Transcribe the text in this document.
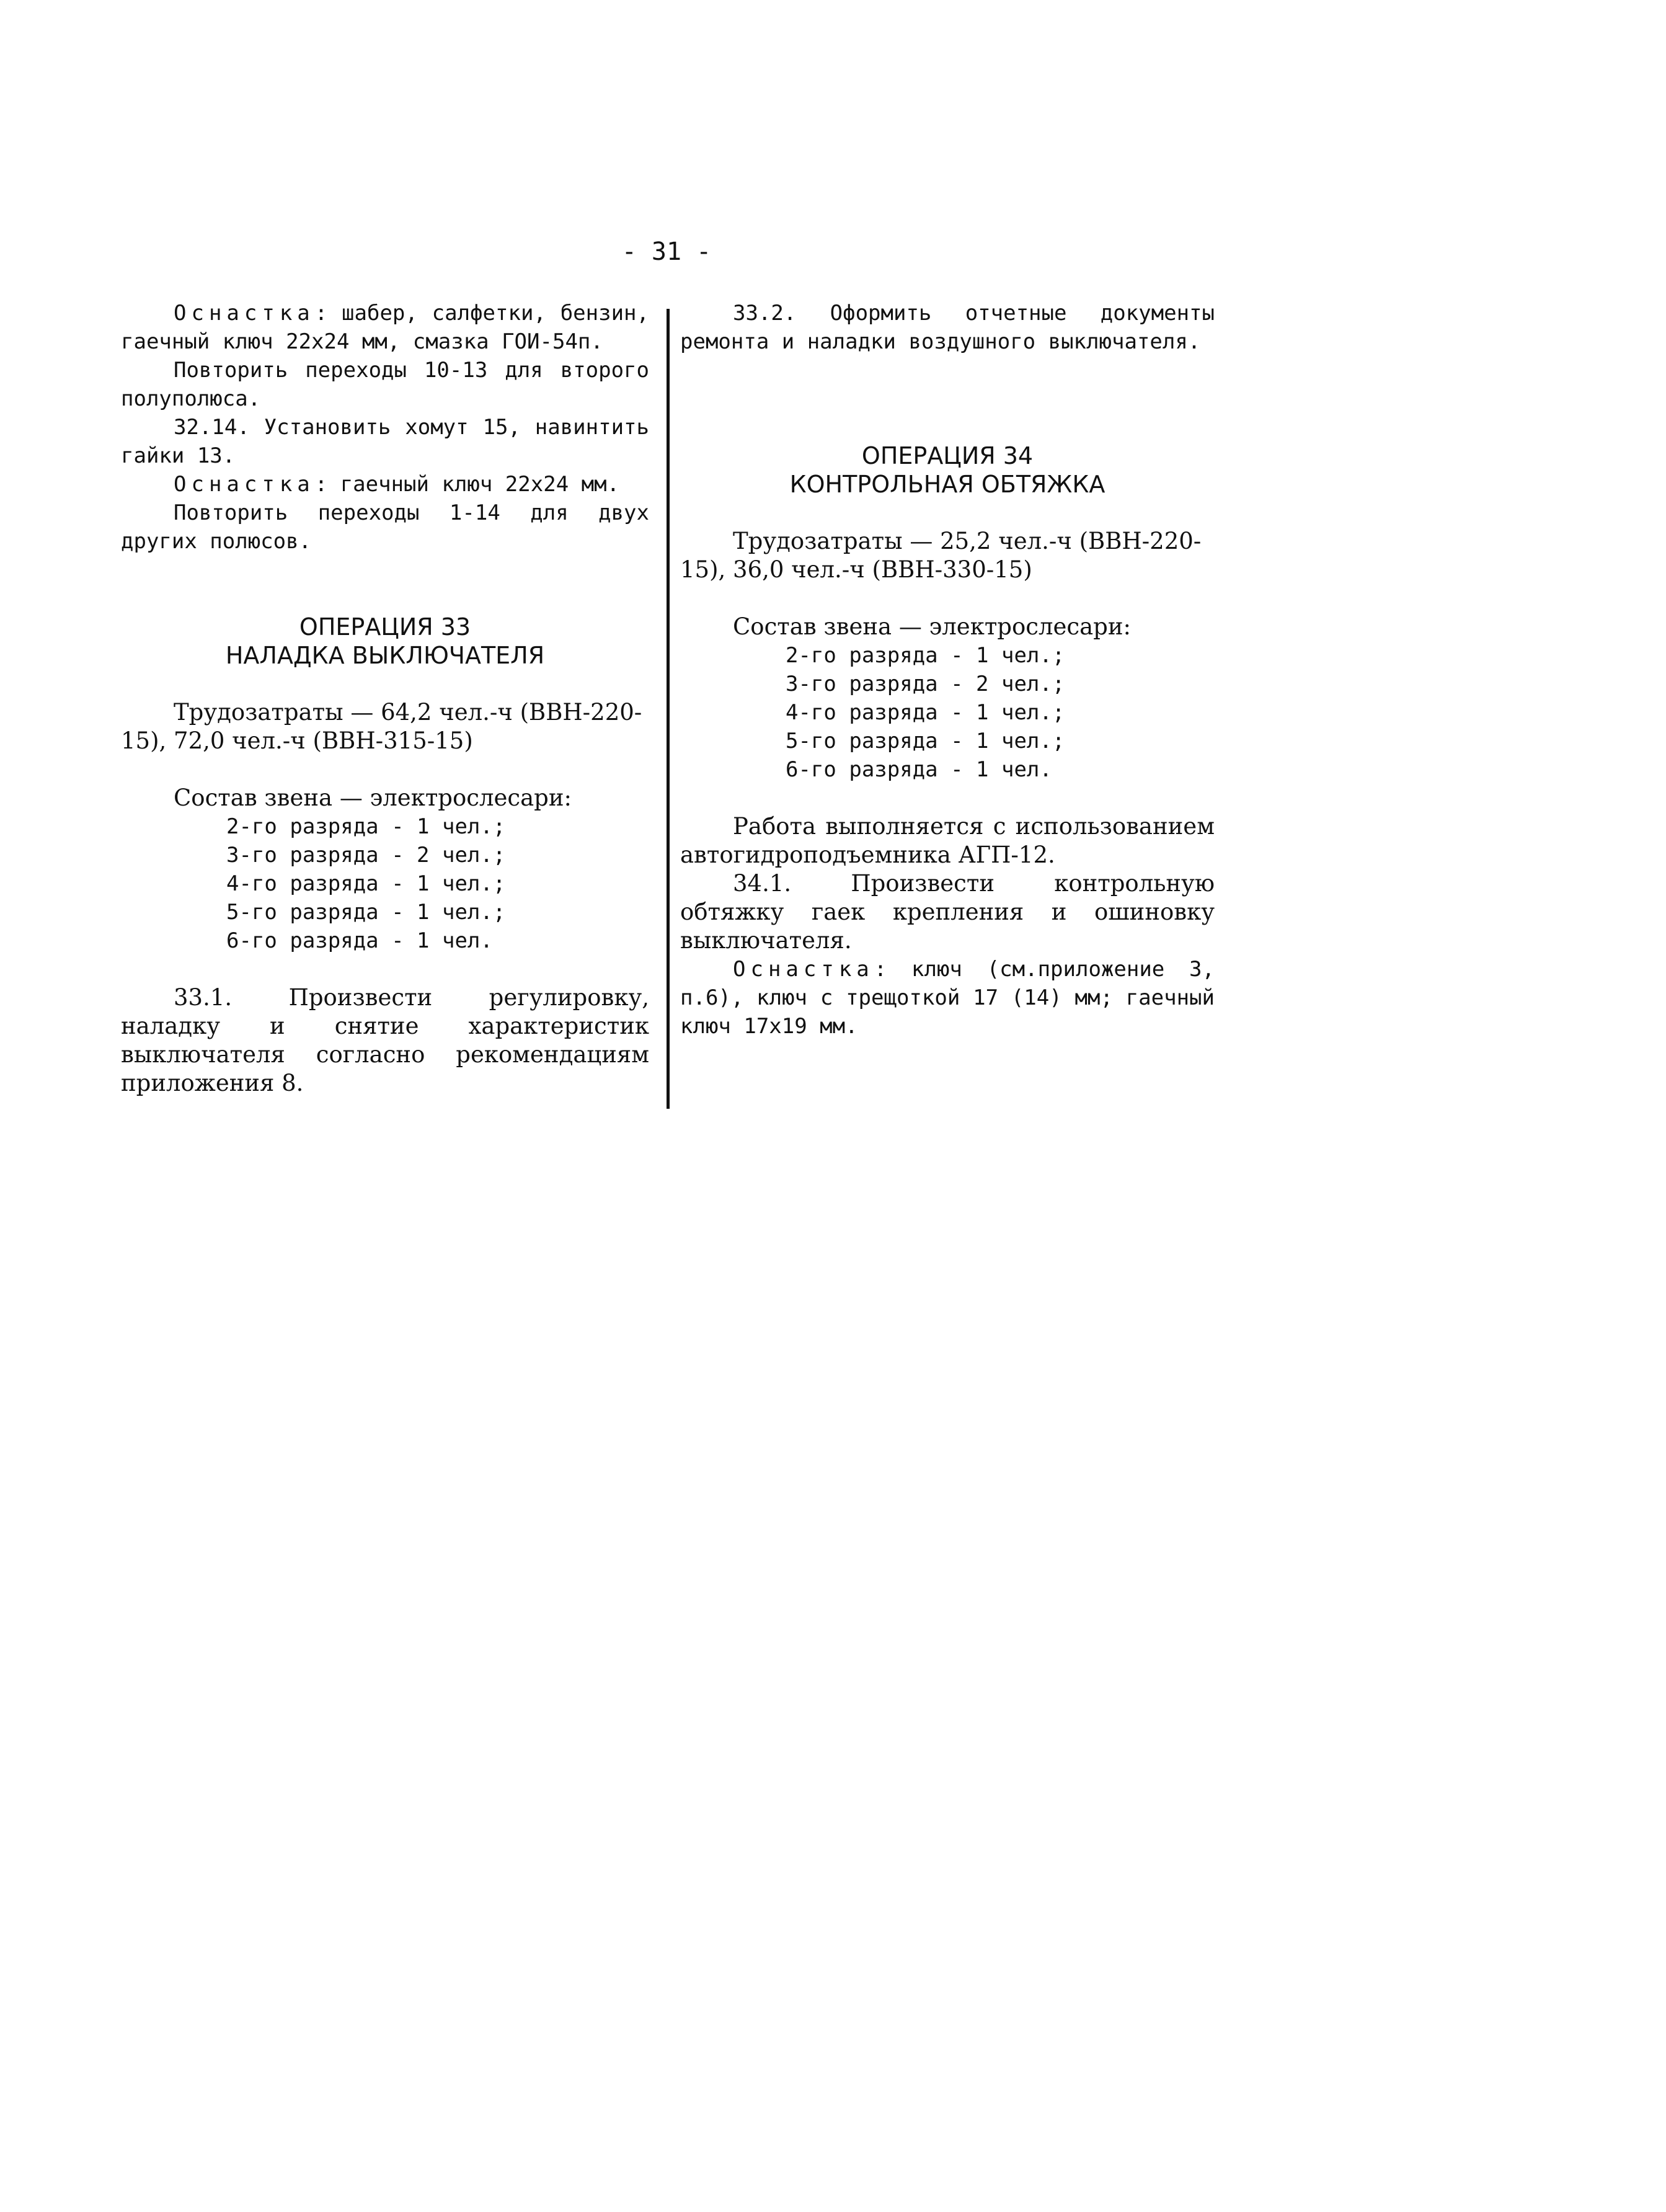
- 31 -

Оснастка: шабер, салфетки, бензин, гаечный ключ 22х24 мм, смазка ГОИ-54п.

Повторить переходы 10-13 для второго полуполюса.

32.14. Установить хомут 15, навинтить гайки 13.

Оснастка: гаечный ключ 22х24 мм.

Повторить переходы 1-14 для двух других полюсов.

ОПЕРАЦИЯ 33

НАЛАДКА ВЫКЛЮЧАТЕЛЯ

Трудозатраты — 64,2 чел.-ч (ВВН-220-15), 72,0 чел.-ч (ВВН-315-15)

Состав звена — электрослесари:

2-го разряда - 1 чел.;

3-го разряда - 2 чел.;

4-го разряда - 1 чел.;

5-го разряда - 1 чел.;

6-го разряда - 1 чел.

33.1. Произвести регулировку, наладку и снятие характеристик выключателя согласно рекомендациям приложения 8.

33.2. Оформить отчетные документы ремонта и наладки воздушного выключателя.

ОПЕРАЦИЯ 34

КОНТРОЛЬНАЯ ОБТЯЖКА

Трудозатраты — 25,2 чел.-ч (ВВН-220-15), 36,0 чел.-ч (ВВН-330-15)

Состав звена — электрослесари:

2-го разряда - 1 чел.;

3-го разряда - 2 чел.;

4-го разряда - 1 чел.;

5-го разряда - 1 чел.;

6-го разряда - 1 чел.

Работа выполняется с использованием автогидроподъемника АГП-12.

34.1. Произвести контрольную обтяжку гаек крепления и ошиновку выключателя.

Оснастка: ключ (см.приложение 3, п.6), ключ с трещоткой 17 (14) мм; гаечный ключ 17х19 мм.
